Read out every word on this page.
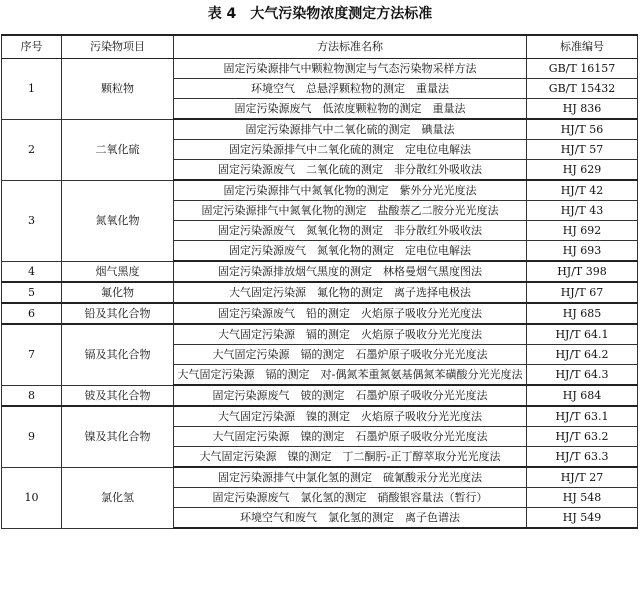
表 4　大气污染物浓度测定方法标准
序号	污染物项目	方法标准名称	标准编号
1	颗粒物	固定污染源排气中颗粒物测定与气态污染物采样方法	GB/T 16157
		环境空气　总悬浮颗粒物的测定　重量法	GB/T 15432
		固定污染源废气　低浓度颗粒物的测定　重量法	HJ 836
2	二氧化硫	固定污染源排气中二氧化硫的测定　碘量法	HJ/T 56
		固定污染源排气中二氧化硫的测定　定电位电解法	HJ/T 57
		固定污染源废气　二氧化硫的测定　非分散红外吸收法	HJ 629
3	氮氧化物	固定污染源排气中氮氧化物的测定　紫外分光光度法	HJ/T 42
		固定污染源排气中氮氧化物的测定　盐酸萘乙二胺分光光度法	HJ/T 43
		固定污染源废气　氮氧化物的测定　非分散红外吸收法	HJ 692
		固定污染源废气　氮氧化物的测定　定电位电解法	HJ 693
4	烟气黑度	固定污染源排放烟气黑度的测定　林格曼烟气黑度图法	HJ/T 398
5	氟化物	大气固定污染源　氟化物的测定　离子选择电极法	HJ/T 67
6	铅及其化合物	固定污染源废气　铅的测定　火焰原子吸收分光光度法	HJ 685
7	镉及其化合物	大气固定污染源　镉的测定　火焰原子吸收分光光度法	HJ/T 64.1
		大气固定污染源　镉的测定　石墨炉原子吸收分光光度法	HJ/T 64.2
		大气固定污染源　镉的测定　对-偶氮苯重氮氨基偶氮苯磺酸分光光度法	HJ/T 64.3
8	铍及其化合物	固定污染源废气　铍的测定　石墨炉原子吸收分光光度法	HJ 684
9	镍及其化合物	大气固定污染源　镍的测定　火焰原子吸收分光光度法	HJ/T 63.1
		大气固定污染源　镍的测定　石墨炉原子吸收分光光度法	HJ/T 63.2
		大气固定污染源　镍的测定　丁二酮肟-正丁醇萃取分光光度法	HJ/T 63.3
10	氯化氢	固定污染源排气中氯化氢的测定　硫氰酸汞分光光度法	HJ/T 27
		固定污染源废气　氯化氢的测定　硝酸银容量法（暂行）	HJ 548
		环境空气和废气　氯化氢的测定　离子色谱法	HJ 549
